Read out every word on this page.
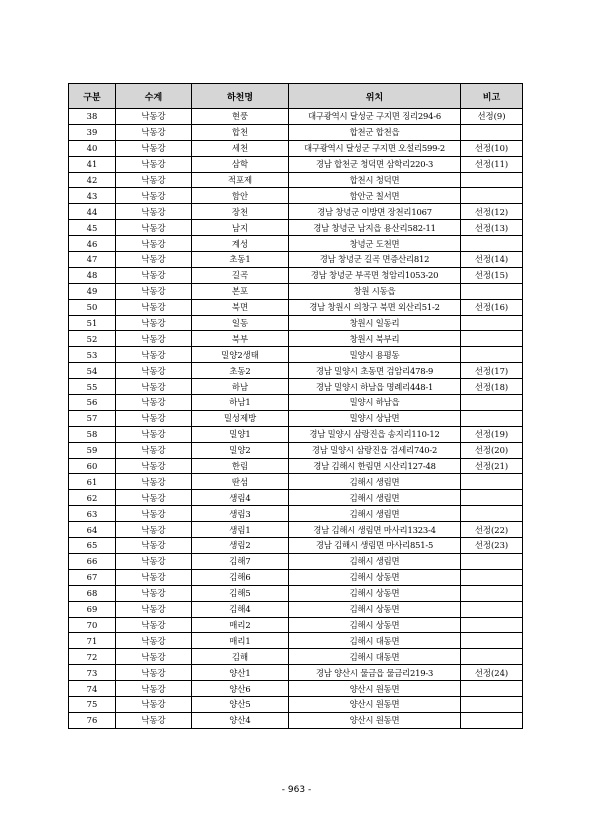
구분	수계	하천명	위치	비고
38	낙동강	현풍	대구광역시 달성군 구지면 징리294-6	선정(9)
39	낙동강	합천	합천군 합천읍	
40	낙동강	세천	대구광역시 달성군 구지면 오설리599-2	선정(10)
41	낙동강	삼학	경남 합천군 청덕면 삼학리220-3	선정(11)
42	낙동강	적포제	합천시 청덕면	
43	낙동강	함안	함안군 칠서면	
44	낙동강	장천	경남 창녕군 이방면 장천리1067	선정(12)
45	낙동강	남지	경남 창녕군 남지읍 용산리582-11	선정(13)
46	낙동강	계성	창녕군 도천면	
47	낙동강	초동1	경남 창녕군 길곡 면증산리812	선정(14)
48	낙동강	길곡	경남 창녕군 부곡면 청암리1053-20	선정(15)
49	낙동강	본포	창원 시동읍	
50	낙동강	북면	경남 창원시 의창구 북면 외산리51-2	선정(16)
51	낙동강	일동	창원시 일동리	
52	낙동강	북부	창원시 북부리	
53	낙동강	밀양2생태	밀양시 용평동	
54	낙동강	초동2	경남 밀양시 초동면 검암리478-9	선정(17)
55	낙동강	하남	경남 밀양시 하남읍 명례리448-1	선정(18)
56	낙동강	하남1	밀양시 하남읍	
57	낙동강	밀성제방	밀양시 상남면	
58	낙동강	밀양1	경남 밀양시 삼랑진읍 송지리110-12	선정(19)
59	낙동강	밀양2	경남 밀양시 삼랑진읍 검세리740-2	선정(20)
60	낙동강	한림	경남 김해시 한림면 시산리127-48	선정(21)
61	낙동강	딴섬	김해시 생림면	
62	낙동강	생림4	김해시 생림면	
63	낙동강	생림3	김해시 생림면	
64	낙동강	생림1	경남 김해시 생림면 마사리1323-4	선정(22)
65	낙동강	생림2	경남 김해시 생림면 마사리851-5	선정(23)
66	낙동강	김해7	김해시 생림면	
67	낙동강	김해6	김해시 상동면	
68	낙동강	김해5	김해시 상동면	
69	낙동강	김해4	김해시 상동면	
70	낙동강	매리2	김해시 상동면	
71	낙동강	매리1	김해시 대동면	
72	낙동강	김해	김해시 대동면	
73	낙동강	양산1	경남 양산시 물금읍 물금리219-3	선정(24)
74	낙동강	양산6	양산시 원동면	
75	낙동강	양산5	양산시 원동면	
76	낙동강	양산4	양산시 원동면	
- 963 -
